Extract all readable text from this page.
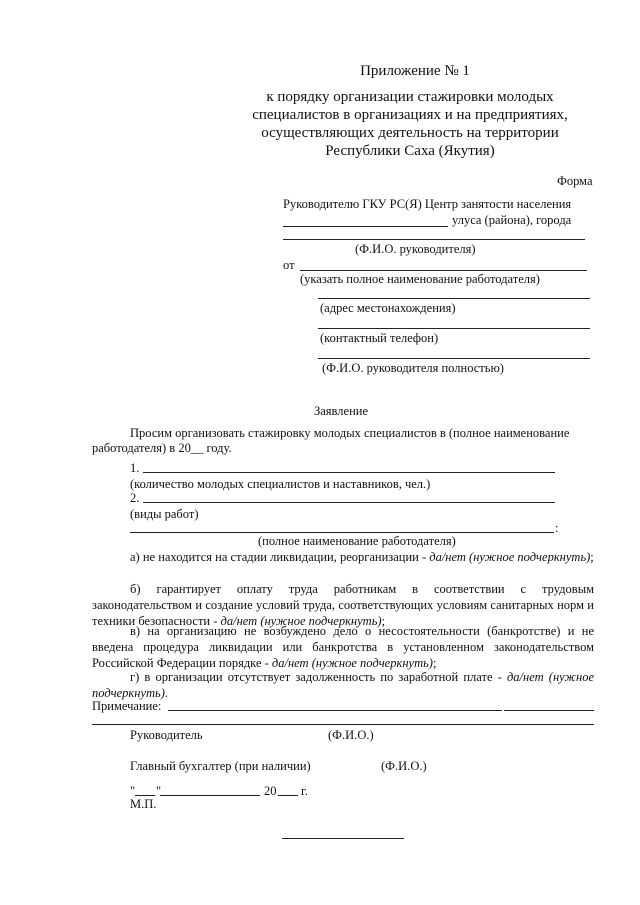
Приложение № 1
к порядку организации стажировки молодых
специалистов в организациях и на предприятиях,
осуществляющих деятельность на территории
Республики Саха (Якутия)
Форма
Руководителю ГКУ РС(Я) Центр занятости населения
улуса (района), города
(Ф.И.О. руководителя)
от
(указать полное наименование работодателя)
(адрес местонахождения)
(контактный телефон)
(Ф.И.О. руководителя полностью)
Заявление
Просим организовать стажировку молодых специалистов в (полное наименование
работодателя) в 20__ году.
1.
(количество молодых специалистов и наставников, чел.)
2.
(виды работ)
:
(полное наименование работодателя)
а) не находится на стадии ликвидации, реорганизации - да/нет (нужное подчеркнуть);
б) гарантирует оплату труда работникам в соответствии с трудовым законодательством и создание условий труда, соответствующих условиям санитарных норм и техники безопасности - да/нет (нужное подчеркнуть);
в) на организацию не возбуждено дело о несостоятельности (банкротстве) и не введена процедура ликвидации или банкротства в установленном законодательством Российской Федерации порядке - да/нет (нужное подчеркнуть);
г) в организации отсутствует задолженность по заработной плате - да/нет (нужное подчеркнуть).
Примечание:
Руководитель	(Ф.И.О.)
Главный бухгалтер (при наличии)	(Ф.И.О.)
" "	20 г.
М.П.
